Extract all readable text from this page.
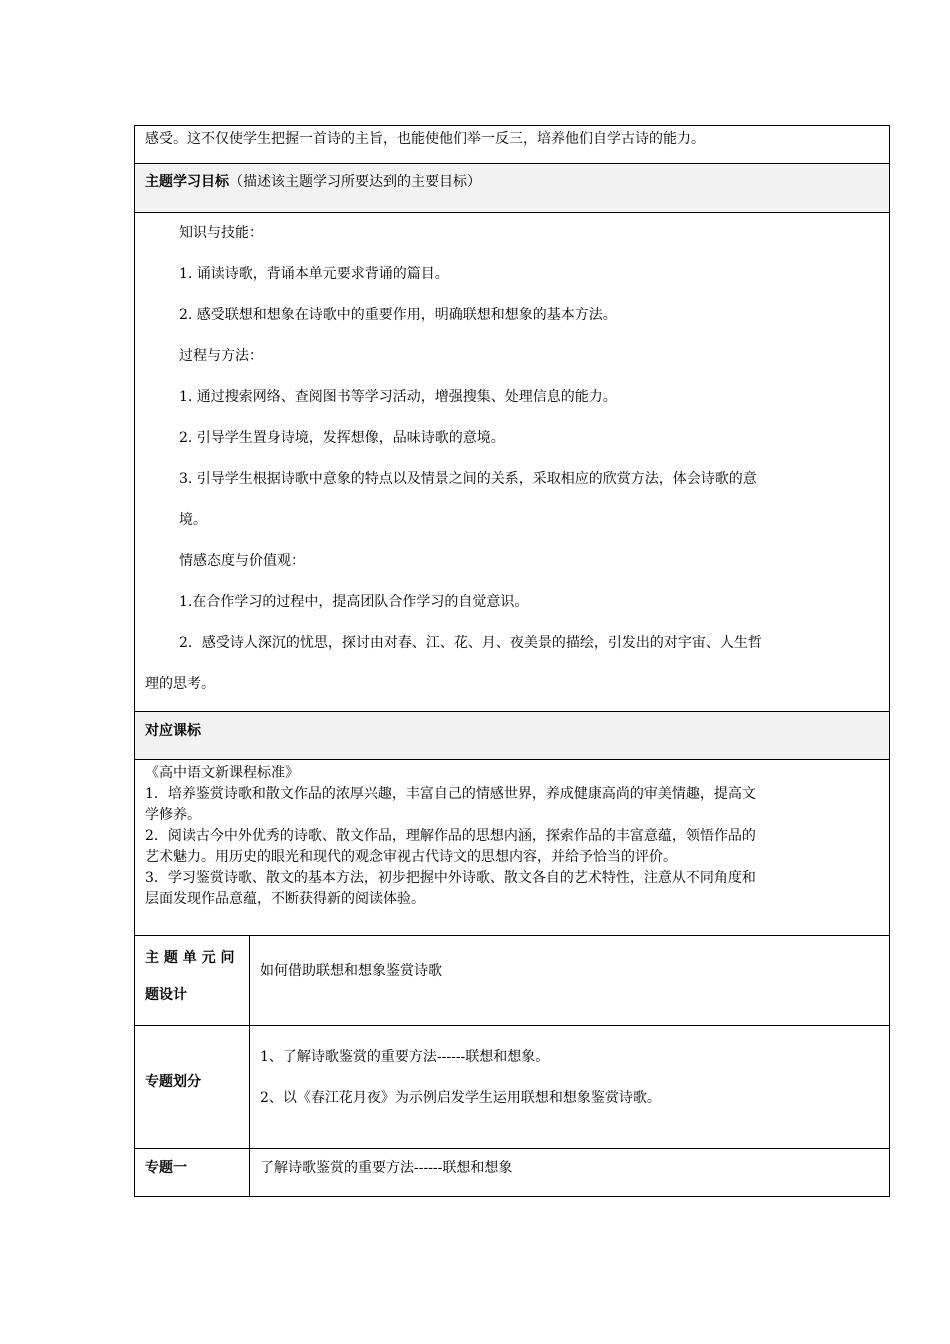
感受。这不仅使学生把握一首诗的主旨，也能使他们举一反三，培养他们自学古诗的能力。
主题学习目标（描述该主题学习所要达到的主要目标）
知识与技能：
1. 诵读诗歌，背诵本单元要求背诵的篇目。
2. 感受联想和想象在诗歌中的重要作用，明确联想和想象的基本方法。
过程与方法：
1. 通过搜索网络、查阅图书等学习活动，增强搜集、处理信息的能力。
2. 引导学生置身诗境，发挥想像，品味诗歌的意境。
3. 引导学生根据诗歌中意象的特点以及情景之间的关系，采取相应的欣赏方法，体会诗歌的意
境。
情感态度与价值观：
1.在合作学习的过程中，提高团队合作学习的自觉意识。
2．感受诗人深沉的忧思，探讨由对春、江、花、月、夜美景的描绘，引发出的对宇宙、人生哲
理的思考。
对应课标
《高中语文新课程标准》
1．培养鉴赏诗歌和散文作品的浓厚兴趣，丰富自己的情感世界，养成健康高尚的审美情趣，提高文
学修养。
2．阅读古今中外优秀的诗歌、散文作品，理解作品的思想内涵，探索作品的丰富意蕴，领悟作品的
艺术魅力。用历史的眼光和现代的观念审视古代诗文的思想内容，并给予恰当的评价。
3．学习鉴赏诗歌、散文的基本方法，初步把握中外诗歌、散文各自的艺术特性，注意从不同角度和
层面发现作品意蕴，不断获得新的阅读体验。
主 题 单 元 问
题设计
如何借助联想和想象鉴赏诗歌
专题划分
1、了解诗歌鉴赏的重要方法------联想和想象。
2、以《春江花月夜》为示例启发学生运用联想和想象鉴赏诗歌。
专题一	了解诗歌鉴赏的重要方法------联想和想象
